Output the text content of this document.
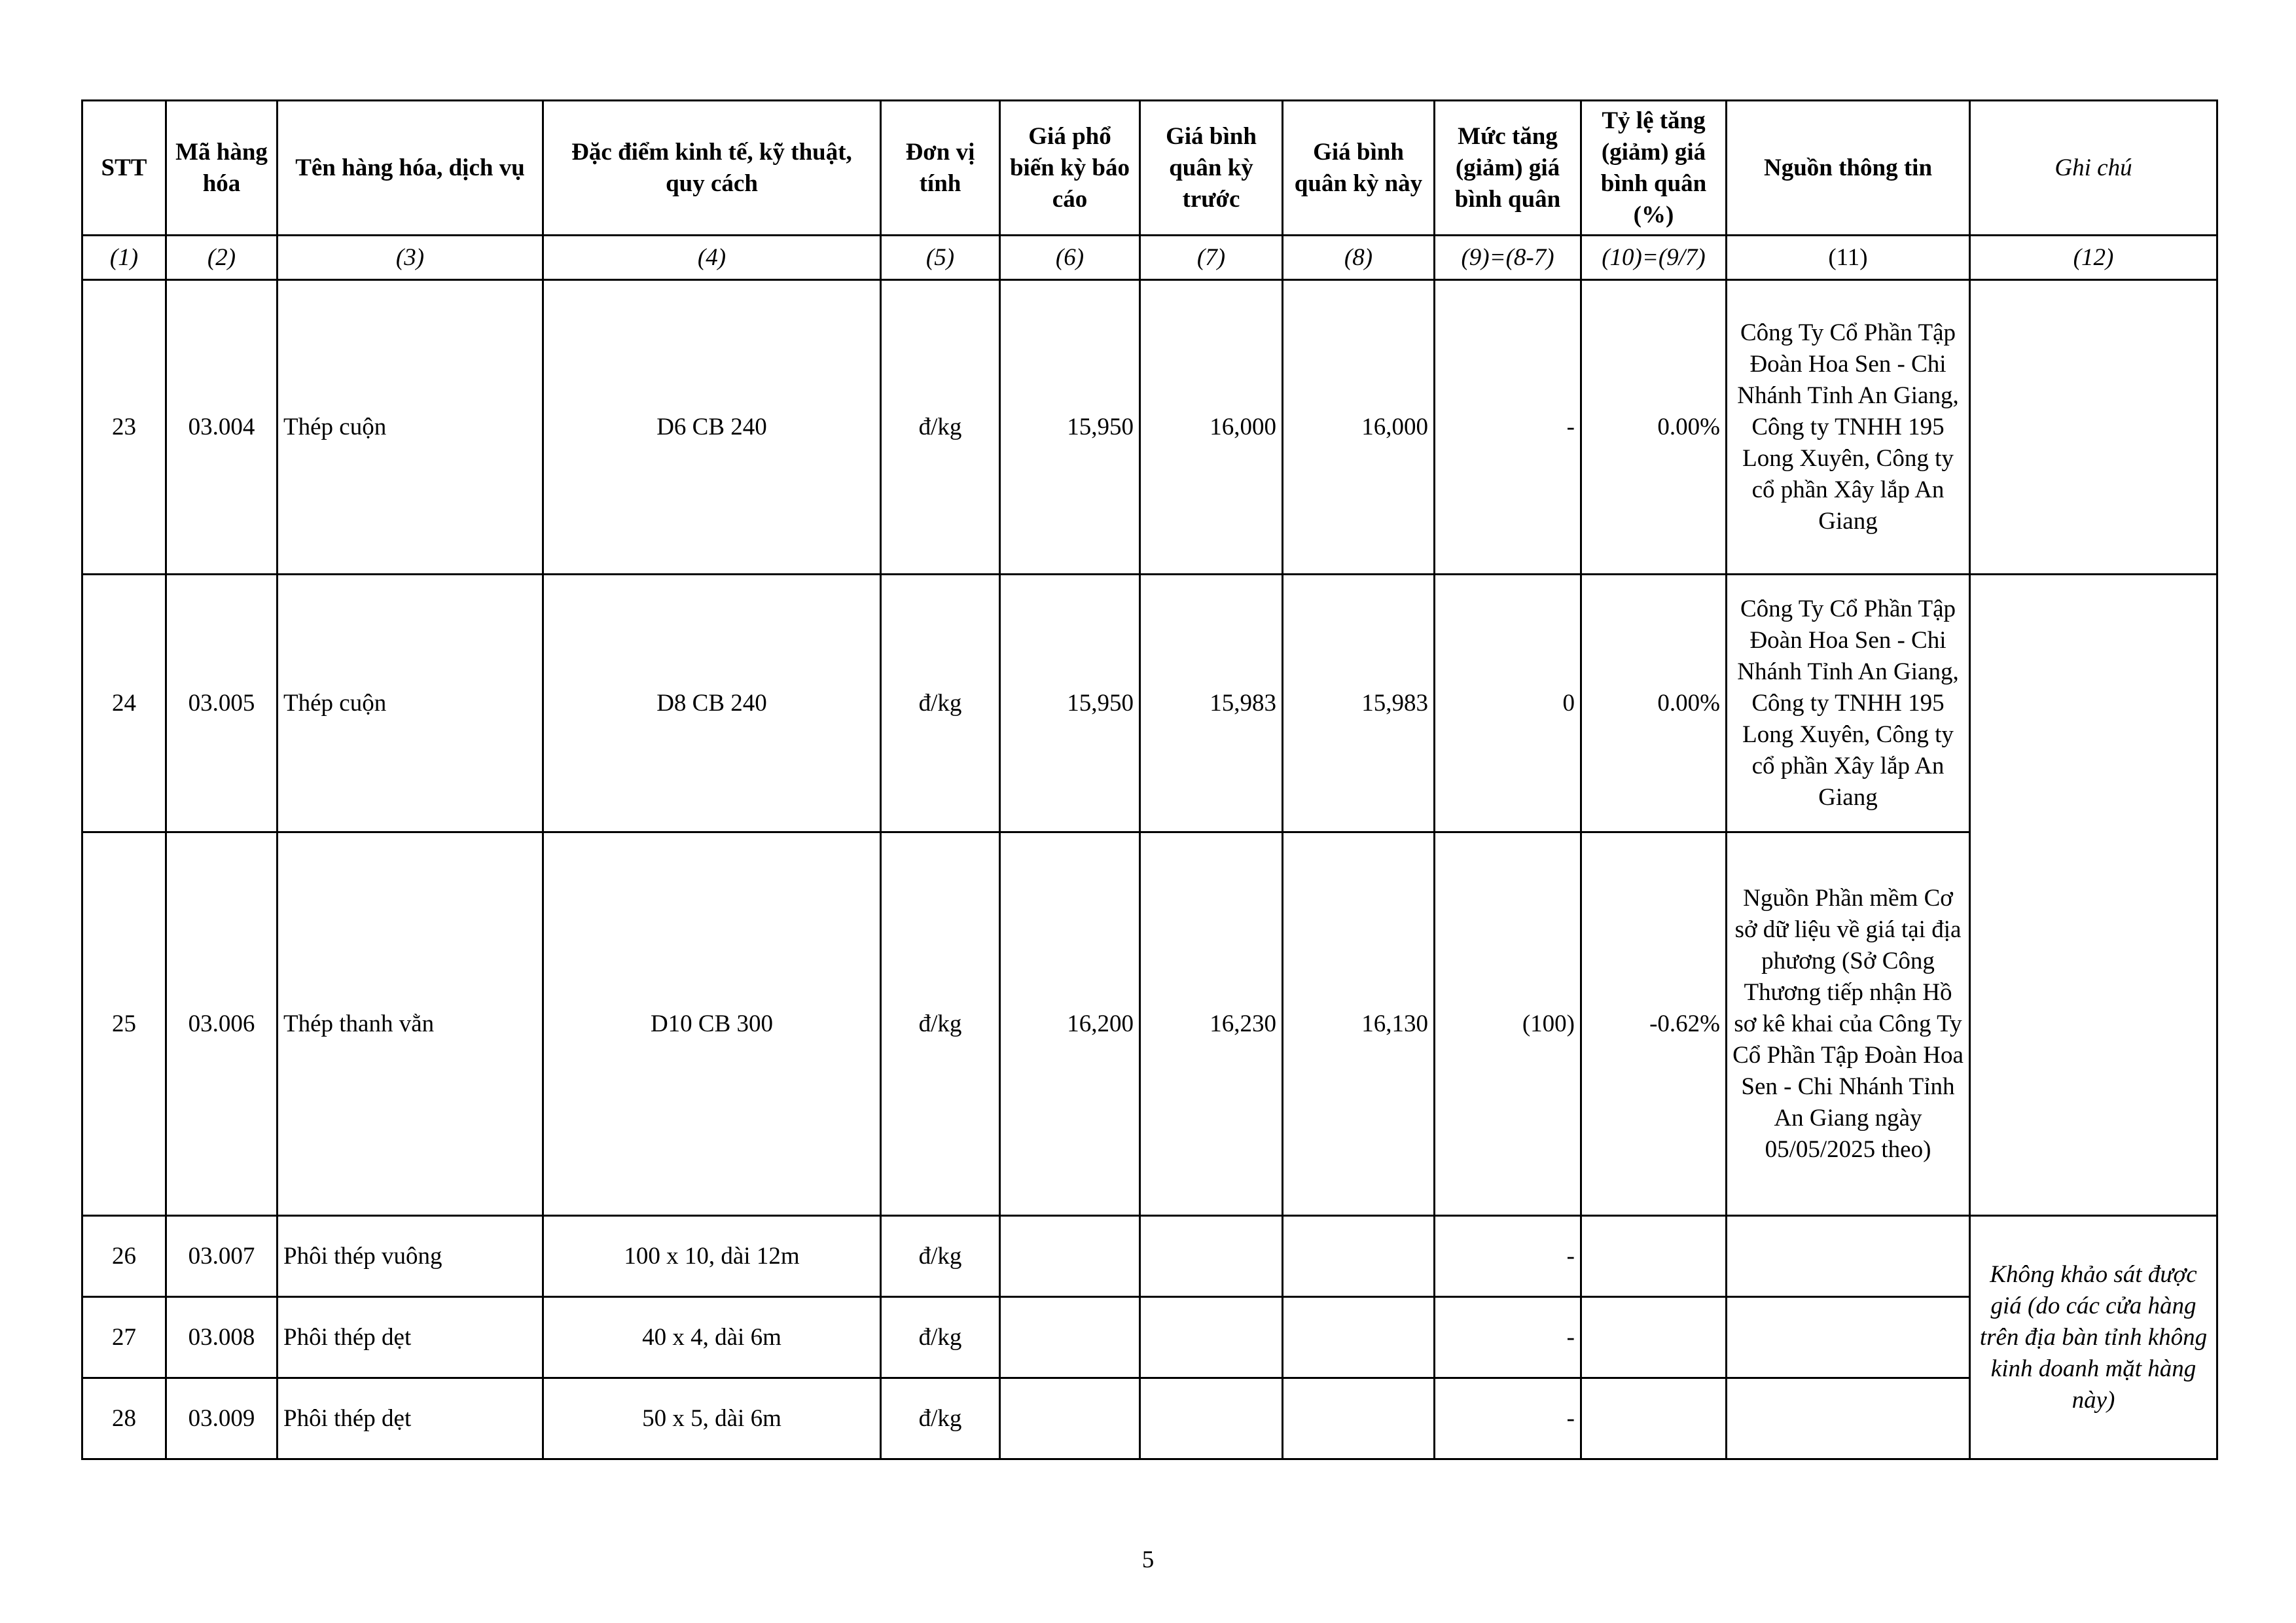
STT	Mã hàng hóa	Tên hàng hóa, dịch vụ	Đặc điểm kinh tế, kỹ thuật, quy cách	Đơn vị tính	Giá phổ biến kỳ báo cáo	Giá bình quân kỳ trước	Giá bình quân kỳ này	Mức tăng (giảm) giá bình quân	Tỷ lệ tăng (giảm) giá bình quân (%)	Nguồn thông tin	Ghi chú
(1)	(2)	(3)	(4)	(5)	(6)	(7)	(8)	(9)=(8-7)	(10)=(9/7)	(11)	(12)
23	03.004	Thép cuộn	D6 CB 240	đ/kg	15,950	16,000	16,000	-	0.00%	Công Ty Cổ Phần Tập Đoàn Hoa Sen - Chi Nhánh Tỉnh An Giang, Công ty TNHH 195 Long Xuyên, Công ty cổ phần Xây lắp An Giang	
24	03.005	Thép cuộn	D8 CB 240	đ/kg	15,950	15,983	15,983	0	0.00%	Công Ty Cổ Phần Tập Đoàn Hoa Sen - Chi Nhánh Tỉnh An Giang, Công ty TNHH 195 Long Xuyên, Công ty cổ phần Xây lắp An Giang	
25	03.006	Thép thanh vằn	D10 CB 300	đ/kg	16,200	16,230	16,130	(100)	-0.62%	Nguồn Phần mềm Cơ sở dữ liệu về giá tại địa phương (Sở Công Thương tiếp nhận Hồ sơ kê khai của Công Ty Cổ Phần Tập Đoàn Hoa Sen - Chi Nhánh Tỉnh An Giang ngày 05/05/2025 theo)	
26	03.007	Phôi thép vuông	100 x 10, dài 12m	đ/kg				-			Không khảo sát được giá (do các cửa hàng trên địa bàn tỉnh không kinh doanh mặt hàng này)
27	03.008	Phôi thép dẹt	40 x 4, dài 6m	đ/kg				-			
28	03.009	Phôi thép dẹt	50 x 5, dài 6m	đ/kg				-			
5
